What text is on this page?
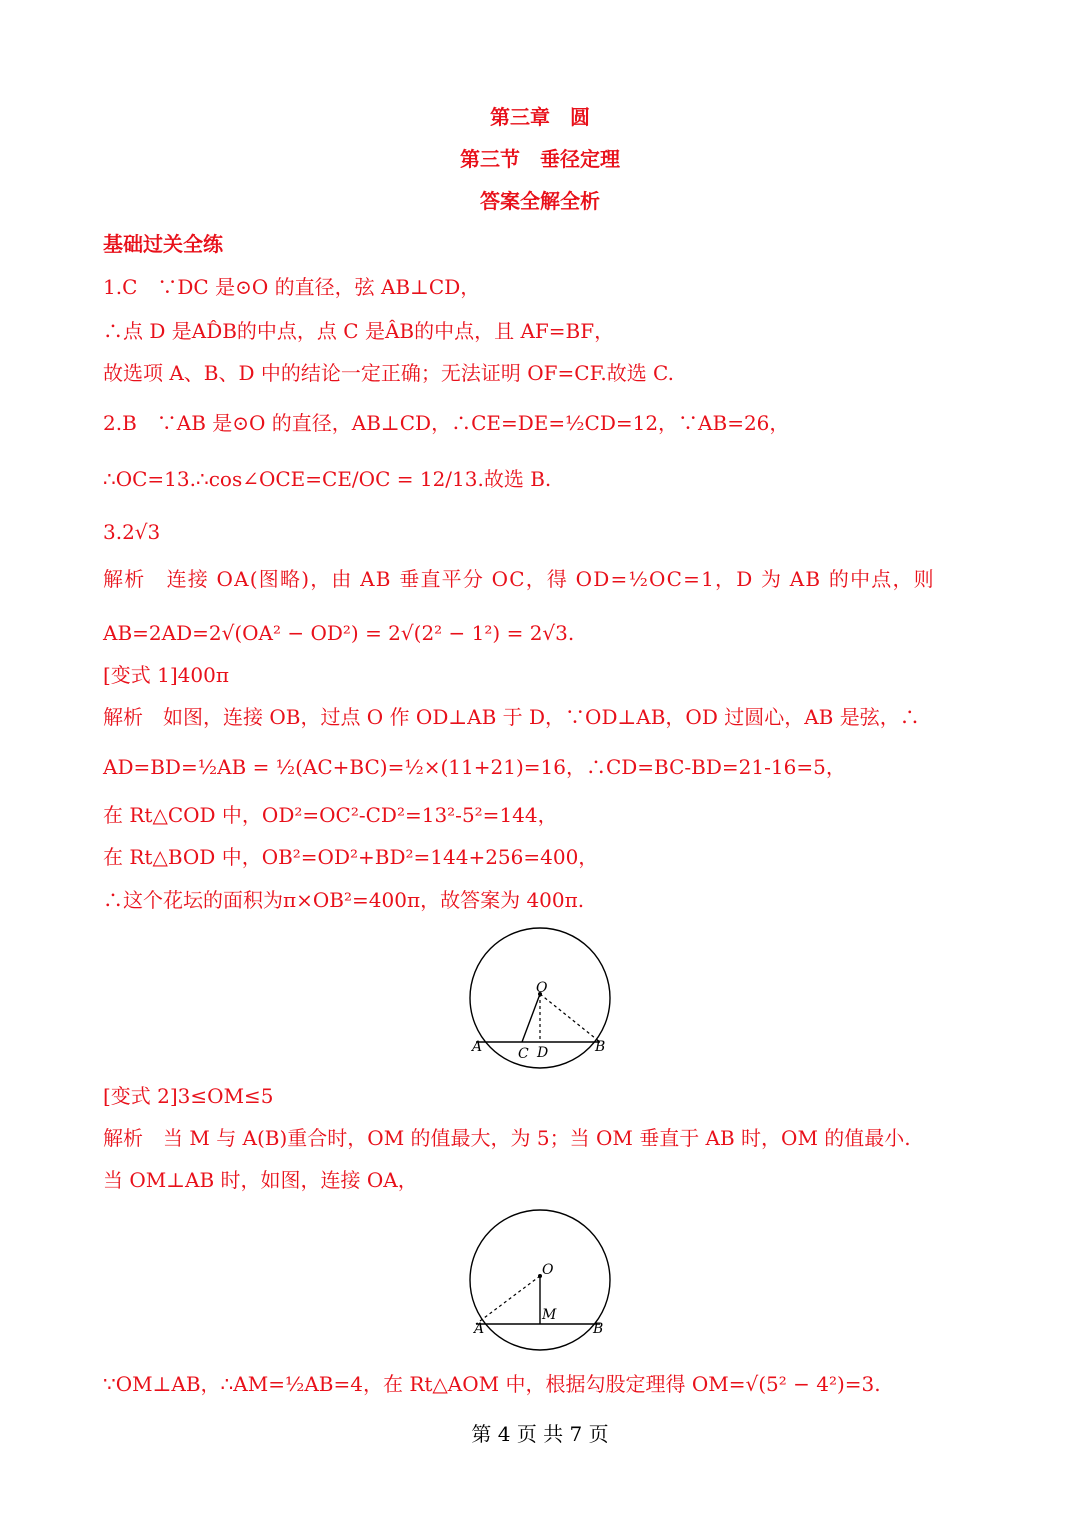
第三章　圆
第三节　垂径定理
答案全解全析
基础过关全练
1.C　∵DC 是⊙O 的直径，弦 AB⊥CD，
∴点 D 是AD̂B的中点，点 C 是ÂB的中点，且 AF=BF，
故选项 A、B、D 中的结论一定正确；无法证明 OF=CF.故选 C.
2.B　∵AB 是⊙O 的直径，AB⊥CD，∴CE=DE=½CD=12，∵AB=26，
∴OC=13.∴cos∠OCE=CE/OC = 12/13.故选 B.
3.2√3
解析　连接 OA(图略)，由 AB 垂直平分 OC，得 OD=½OC=1，D 为 AB 的中点，则
AB=2AD=2√(OA² − OD²) = 2√(2² − 1²) = 2√3.
[变式 1]400π
解析　如图，连接 OB，过点 O 作 OD⊥AB 于 D，∵OD⊥AB，OD 过圆心，AB 是弦，∴
AD=BD=½AB = ½(AC+BC)=½×(11+21)=16，∴CD=BC-BD=21-16=5，
在 Rt△COD 中，OD²=OC²-CD²=13²-5²=144，
在 Rt△BOD 中，OB²=OD²+BD²=144+256=400，
∴这个花坛的面积为π×OB²=400π，故答案为 400π.
O
A	C D	B
[变式 2]3≤OM≤5
解析　当 M 与 A(B)重合时，OM 的值最大，为 5；当 OM 垂直于 AB 时，OM 的值最小.
当 OM⊥AB 时，如图，连接 OA，
O
A
M
B
∵OM⊥AB，∴AM=½AB=4，在 Rt△AOM 中，根据勾股定理得 OM=√(5² − 4²)=3.
第 4 页 共 7 页
